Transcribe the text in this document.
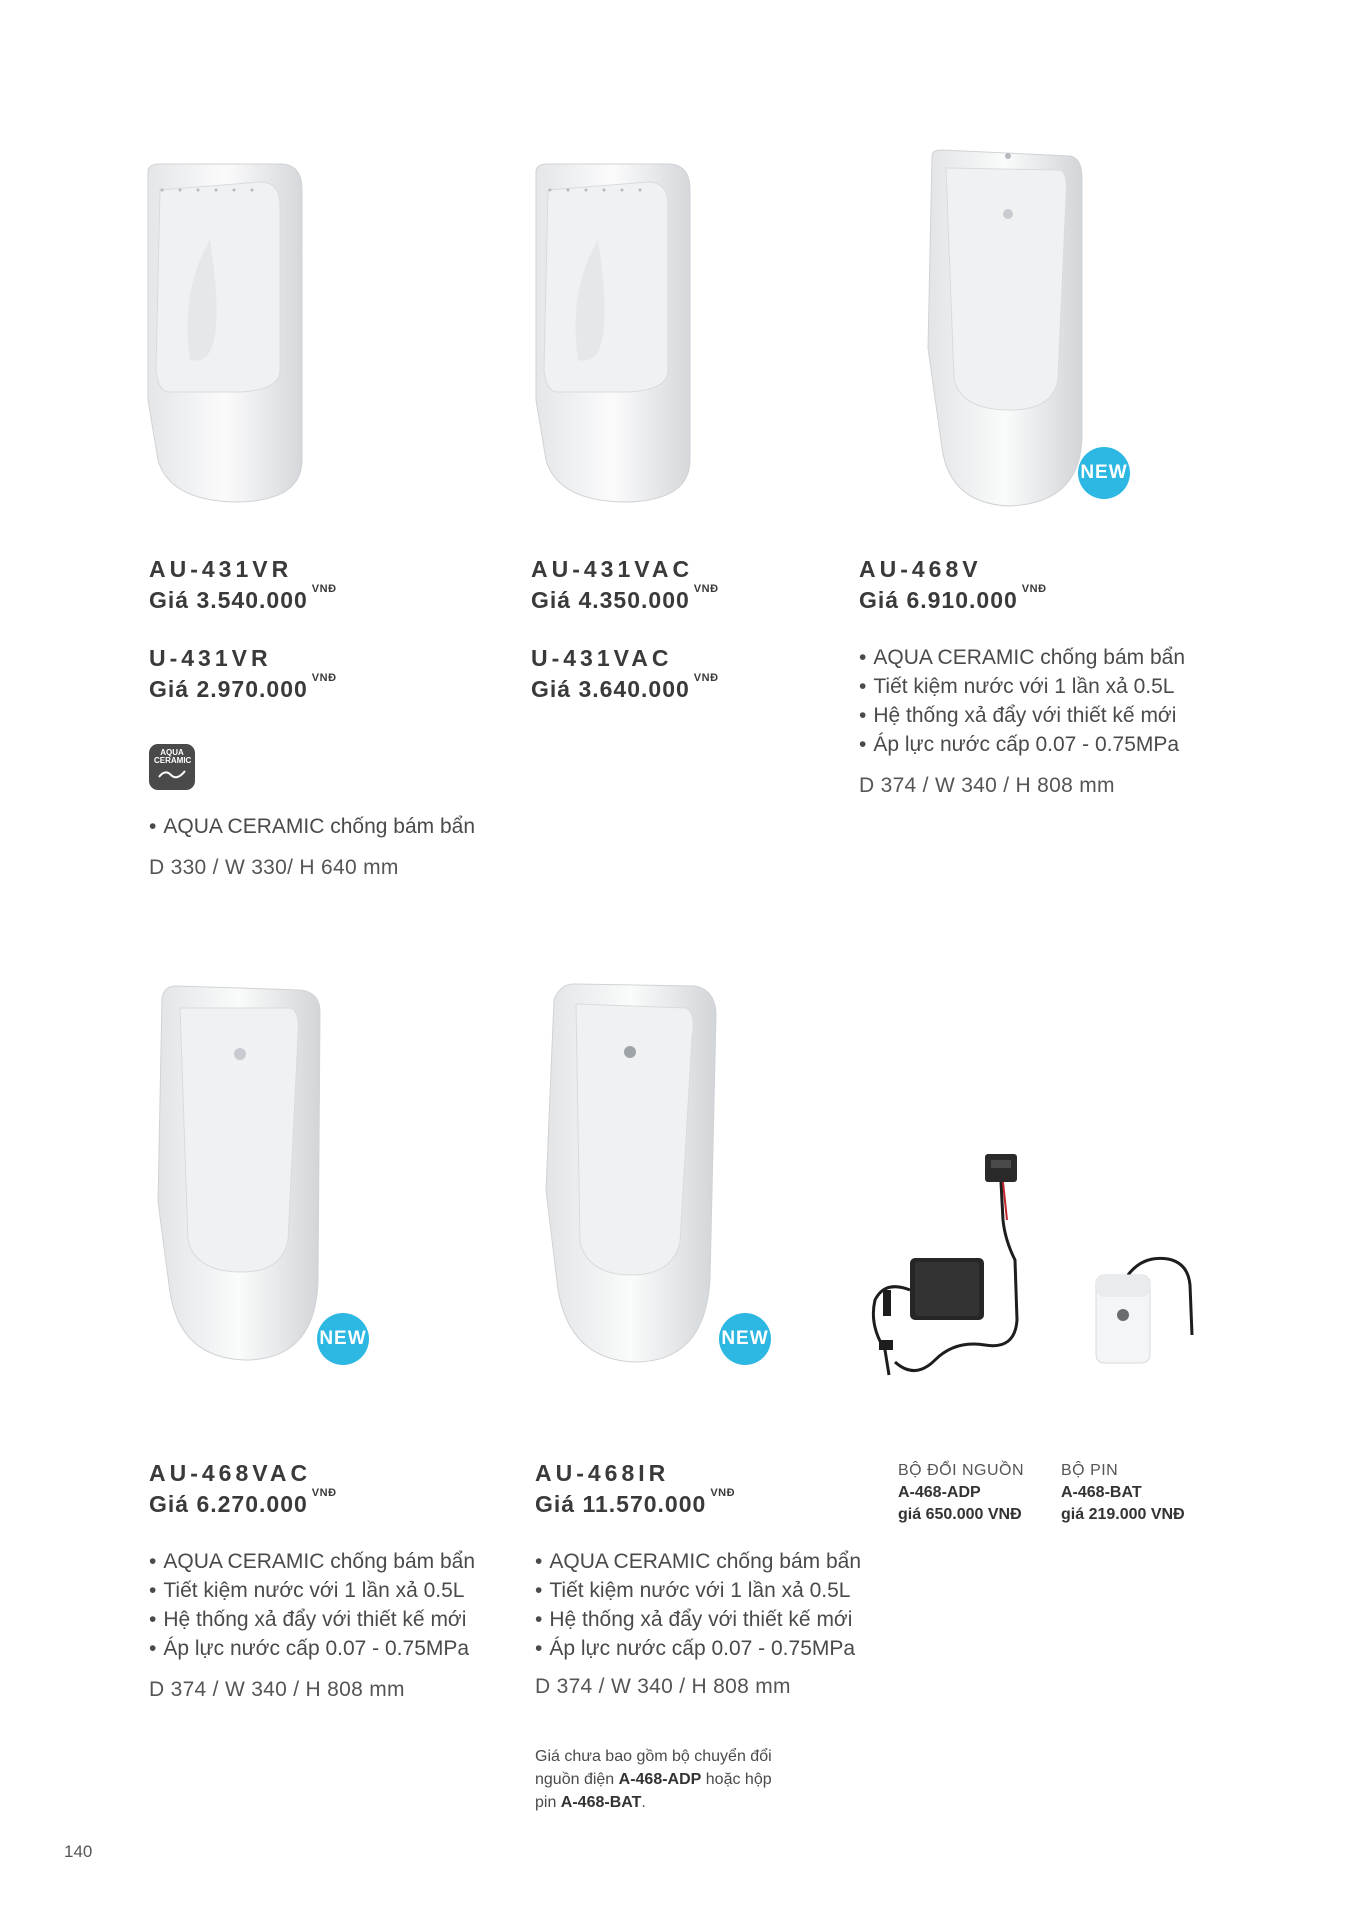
NEW
AU-431VR
Giá 3.540.000 $^{VNĐ}$
U-431VR
Giá 2.970.000 $^{VNĐ}$
AQUA CERAMIC
• AQUA CERAMIC chống bám bẩn
D 330 / W 330/ H 640 mm
AU-431VAC
Giá 4.350.000 $^{VNĐ}$
U-431VAC
Giá 3.640.000 $^{VNĐ}$
AU-468V
Giá 6.910.000 $^{VNĐ}$
• AQUA CERAMIC chống bám bẩn
• Tiết kiệm nước với 1 lần xả 0.5L
• Hệ thống xả đẩy với thiết kế mới
• Áp lực nước cấp 0.07 - 0.75MPa
D 374 / W 340 / H 808 mm
NEW	NEW
AU-468VAC
Giá 6.270.000 $^{VNĐ}$
• AQUA CERAMIC chống bám bẩn
• Tiết kiệm nước với 1 lần xả 0.5L
• Hệ thống xả đẩy với thiết kế mới
• Áp lực nước cấp 0.07 - 0.75MPa
D 374 / W 340 / H 808 mm
AU-468IR
Giá 11.570.000 $^{VNĐ}$
• AQUA CERAMIC chống bám bẩn
• Tiết kiệm nước với 1 lần xả 0.5L
• Hệ thống xả đẩy với thiết kế mới
• Áp lực nước cấp 0.07 - 0.75MPa
D 374 / W 340 / H 808 mm
BỘ ĐỔI NGUỒN
A-468-ADP
giá 650.000 VNĐ
BỘ PIN
A-468-BAT
giá 219.000 VNĐ
Giá chưa bao gồm bộ chuyển đổi
nguồn điện A-468-ADP hoặc hộp
pin A-468-BAT.
140
